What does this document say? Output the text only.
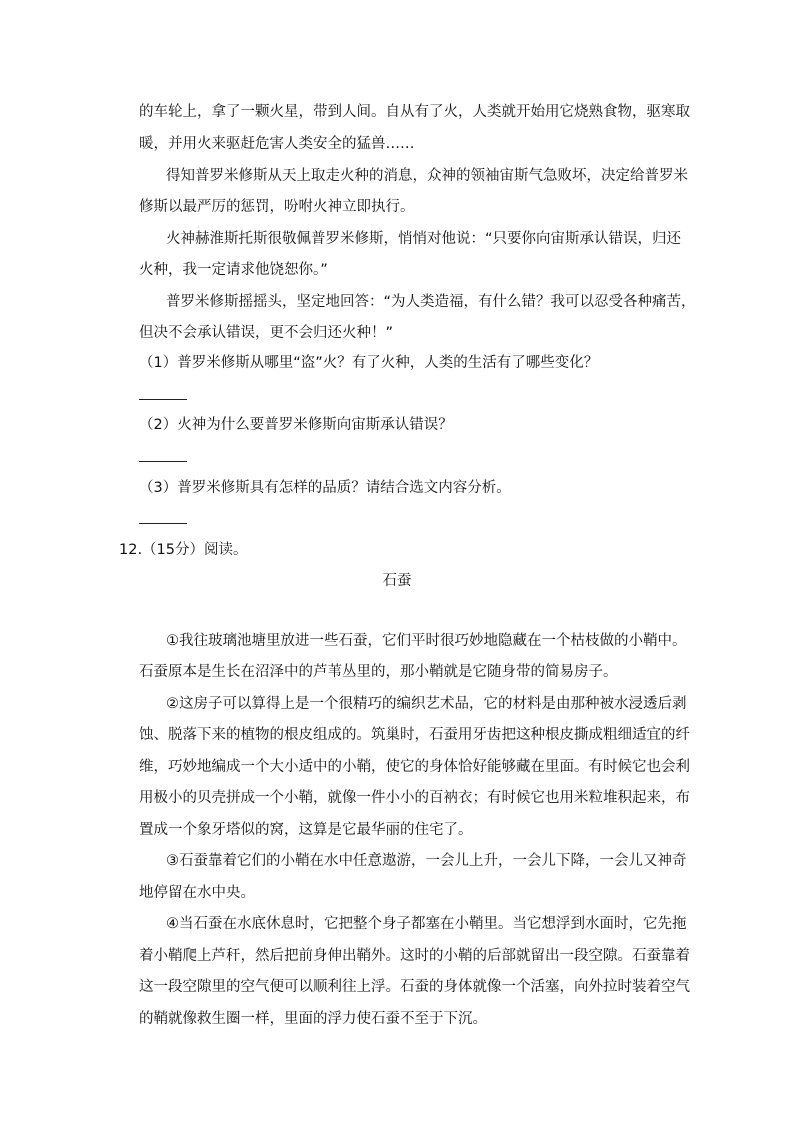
的车轮上，拿了一颗火星，带到人间。自从有了火，人类就开始用它烧熟食物，驱寒取
暖，并用火来驱赶危害人类安全的猛兽……
得知普罗米修斯从天上取走火种的消息，众神的领袖宙斯气急败坏，决定给普罗米
修斯以最严厉的惩罚，吩咐火神立即执行。
火神赫淮斯托斯很敬佩普罗米修斯，悄悄对他说：“只要你向宙斯承认错误，归还
火种，我一定请求他饶恕你。”
普罗米修斯摇摇头，坚定地回答：“为人类造福，有什么错？我可以忍受各种痛苦，
但决不会承认错误，更不会归还火种！”
（1）普罗米修斯从哪里“盗”火？有了火种，人类的生活有了哪些变化？
（2）火神为什么要普罗米修斯向宙斯承认错误？
（3）普罗米修斯具有怎样的品质？请结合选文内容分析。
12.（15分）阅读。
石蚕
①我往玻璃池塘里放进一些石蚕，它们平时很巧妙地隐藏在一个枯枝做的小鞘中。
石蚕原本是生长在沼泽中的芦苇丛里的，那小鞘就是它随身带的简易房子。
②这房子可以算得上是一个很精巧的编织艺术品，它的材料是由那种被水浸透后剥
蚀、脱落下来的植物的根皮组成的。筑巢时，石蚕用牙齿把这种根皮撕成粗细适宜的纤
维，巧妙地编成一个大小适中的小鞘，使它的身体恰好能够藏在里面。有时候它也会利
用极小的贝壳拼成一个小鞘，就像一件小小的百衲衣；有时候它也用米粒堆积起来，布
置成一个象牙塔似的窝，这算是它最华丽的住宅了。
③石蚕靠着它们的小鞘在水中任意遨游，一会儿上升，一会儿下降，一会儿又神奇
地停留在水中央。
④当石蚕在水底休息时，它把整个身子都塞在小鞘里。当它想浮到水面时，它先拖
着小鞘爬上芦秆，然后把前身伸出鞘外。这时的小鞘的后部就留出一段空隙。石蚕靠着
这一段空隙里的空气便可以顺利往上浮。石蚕的身体就像一个活塞，向外拉时装着空气
的鞘就像救生圈一样，里面的浮力使石蚕不至于下沉。
